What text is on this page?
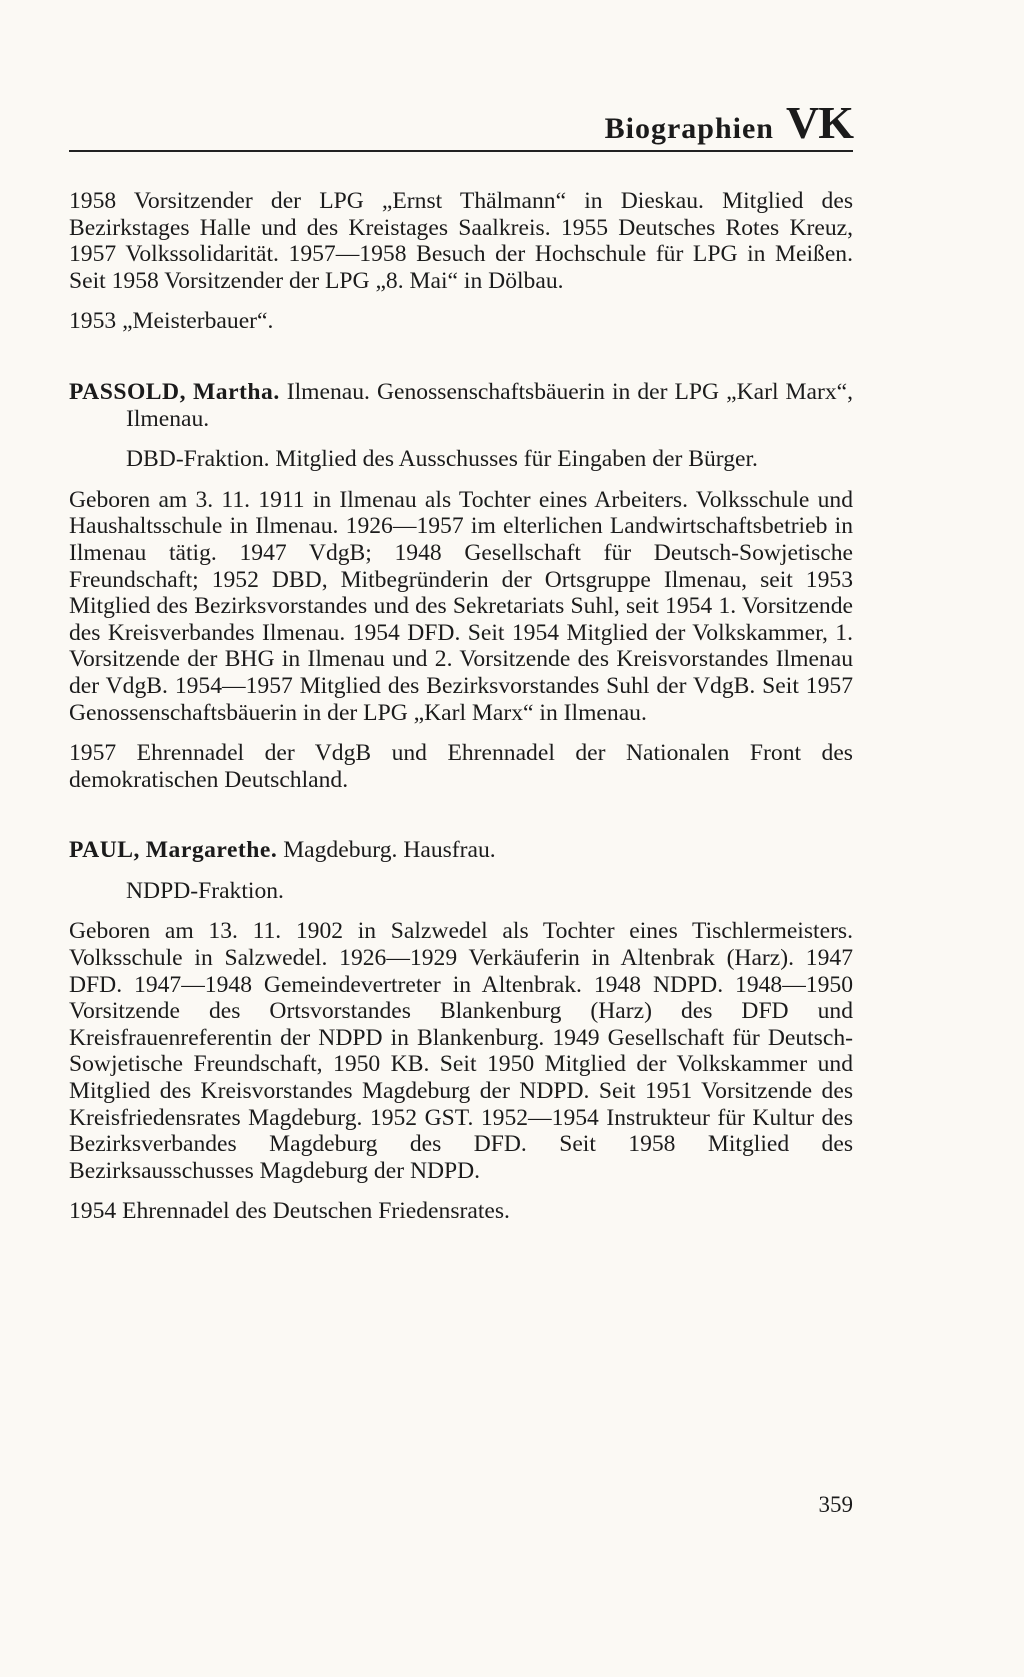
Biographien VK

1958 Vorsitzender der LPG „Ernst Thälmann“ in Dieskau. Mitglied des Bezirkstages Halle und des Kreistages Saalkreis. 1955 Deutsches Rotes Kreuz, 1957 Volkssolidarität. 1957—1958 Besuch der Hochschule für LPG in Meißen. Seit 1958 Vorsitzender der LPG „8. Mai“ in Dölbau.

1953 „Meisterbauer“.

PASSOLD, Martha. Ilmenau. Genossenschaftsbäuerin in der LPG „Karl Marx“, Ilmenau.

DBD-Fraktion. Mitglied des Ausschusses für Eingaben der Bürger.

Geboren am 3. 11. 1911 in Ilmenau als Tochter eines Arbeiters. Volksschule und Haushaltsschule in Ilmenau. 1926—1957 im elterlichen Landwirtschaftsbetrieb in Ilmenau tätig. 1947 VdgB; 1948 Gesellschaft für Deutsch-Sowjetische Freundschaft; 1952 DBD, Mitbegründerin der Ortsgruppe Ilmenau, seit 1953 Mitglied des Bezirksvorstandes und des Sekretariats Suhl, seit 1954 1. Vorsitzende des Kreisverbandes Ilmenau. 1954 DFD. Seit 1954 Mitglied der Volkskammer, 1. Vorsitzende der BHG in Ilmenau und 2. Vorsitzende des Kreisvorstandes Ilmenau der VdgB. 1954—1957 Mitglied des Bezirksvorstandes Suhl der VdgB. Seit 1957 Genossenschaftsbäuerin in der LPG „Karl Marx“ in Ilmenau.

1957 Ehrennadel der VdgB und Ehrennadel der Nationalen Front des demokratischen Deutschland.

PAUL, Margarethe. Magdeburg. Hausfrau.

NDPD-Fraktion.

Geboren am 13. 11. 1902 in Salzwedel als Tochter eines Tischlermeisters. Volksschule in Salzwedel. 1926—1929 Verkäuferin in Altenbrak (Harz). 1947 DFD. 1947—1948 Gemeindevertreter in Altenbrak. 1948 NDPD. 1948—1950 Vorsitzende des Ortsvorstandes Blankenburg (Harz) des DFD und Kreisfrauenreferentin der NDPD in Blankenburg. 1949 Gesellschaft für Deutsch-Sowjetische Freundschaft, 1950 KB. Seit 1950 Mitglied der Volkskammer und Mitglied des Kreisvorstandes Magdeburg der NDPD. Seit 1951 Vorsitzende des Kreisfriedensrates Magdeburg. 1952 GST. 1952—1954 Instrukteur für Kultur des Bezirksverbandes Magdeburg des DFD. Seit 1958 Mitglied des Bezirksausschusses Magdeburg der NDPD.

1954 Ehrennadel des Deutschen Friedensrates.

359
